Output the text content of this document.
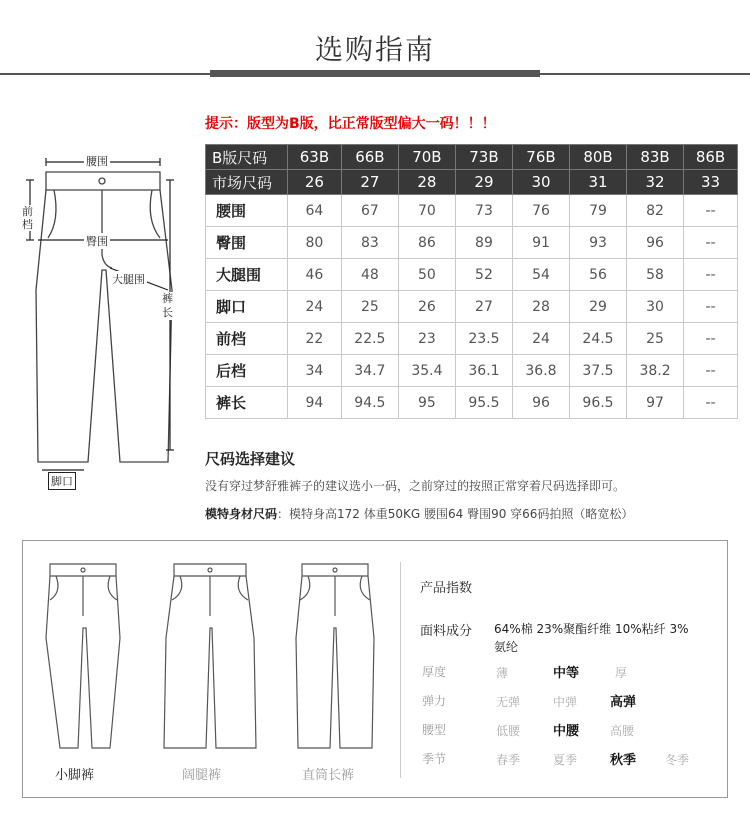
选购指南
提示：版型为B版，比正常版型偏大一码！！！
B版尺码	63B	66B	70B	73B	76B	80B	83B	86B
市场尺码	26	27	28	29	30	31	32	33
腰围	64	67	70	73	76	79	82	--
臀围	80	83	86	89	91	93	96	--
大腿围	46	48	50	52	54	56	58	--
脚口	24	25	26	27	28	29	30	--
前档	22	22.5	23	23.5	24	24.5	25	--
后档	34	34.7	35.4	36.1	36.8	37.5	38.2	--
裤长	94	94.5	95	95.5	96	96.5	97	--
腰围
前档
臀围
大腿围
裤长
脚口
尺码选择建议
没有穿过梦舒雅裤子的建议选小一码，之前穿过的按照正常穿着尺码选择即可。
模特身材尺码：模特身高172 体重50KG 腰围64 臀围90 穿66码拍照（略宽松）
小脚裤	阔腿裤	直筒长裤
产品指数
面料成分 64%棉 23%聚酯纤维 10%粘纤 3%氨纶
厚度	薄	中等	厚
弹力	无弹	中弹	高弹
腰型	低腰	中腰	高腰
季节	春季	夏季	秋季 冬季
